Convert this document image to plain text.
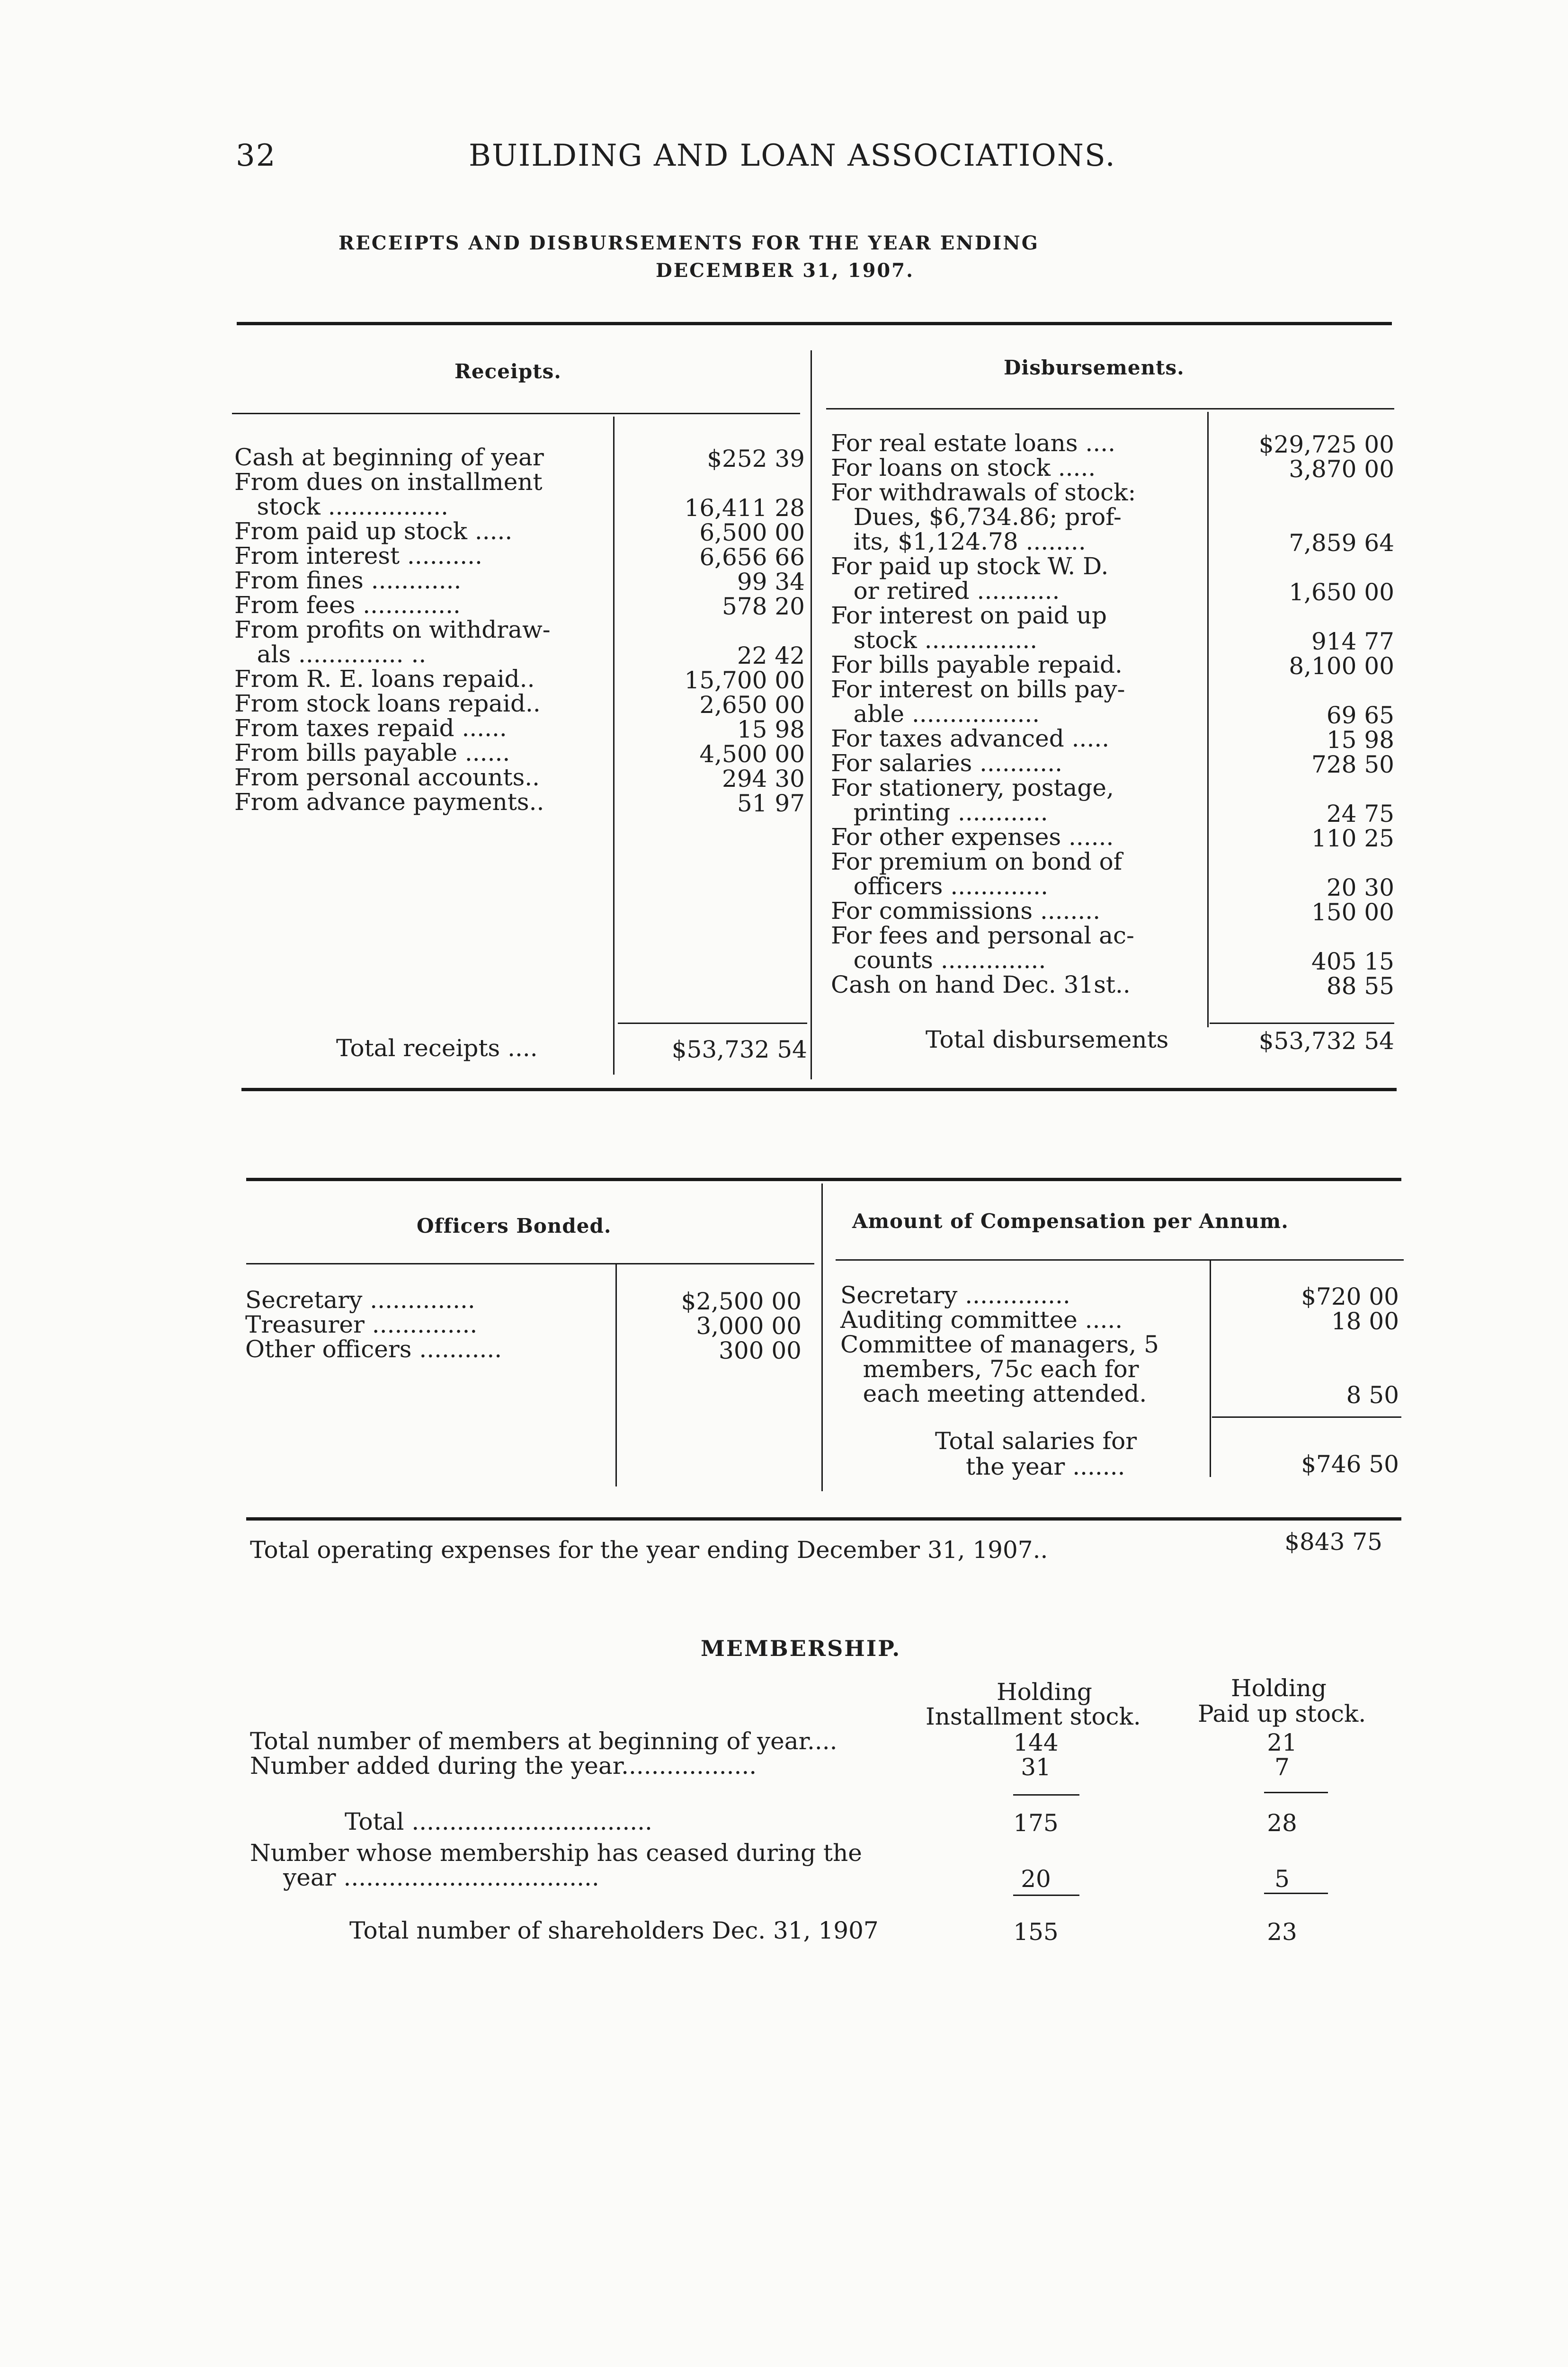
32	BUILDING AND LOAN ASSOCIATIONS.
RECEIPTS AND DISBURSEMENTS FOR THE YEAR ENDING
DECEMBER 31, 1907.
Receipts.	Disbursements.
Cash at beginning of year	$252 39
From dues on installment
stock ................	16,411 28
From paid up stock .....	6,500 00
From interest ..........	6,656 66
From fines ............	99 34
From fees .............	578 20
From profits on withdraw-
als .............. ..	22 42
From R. E. loans repaid..	15,700 00
From stock loans repaid..	2,650 00
From taxes repaid ......	15 98
From bills payable ......	4,500 00
From personal accounts..	294 30
From advance payments..	51 97
For real estate loans ....	$29,725 00
For loans on stock .....	3,870 00
For withdrawals of stock:
Dues, $6,734.86; prof-
its, $1,124.78 ........	7,859 64
For paid up stock W. D.
or retired ...........	1,650 00
For interest on paid up
stock ...............	914 77
For bills payable repaid.	8,100 00
For interest on bills pay-
able .................	69 65
For taxes advanced .....	15 98
For salaries ...........	728 50
For stationery, postage,
printing ............	24 75
For other expenses ......	110 25
For premium on bond of
officers .............	20 30
For commissions ........	150 00
For fees and personal ac-
counts ..............	405 15
Cash on hand Dec. 31st..	88 55
Total receipts ....	$53,732 54	Total disbursements	$53,732 54
Officers Bonded.	Amount of Compensation per Annum.
Secretary ..............	$2,500 00
Treasurer ..............	3,000 00
Other officers ...........	300 00
Secretary ..............	$720 00
Auditing committee .....	18 00
Committee of managers, 5
members, 75c each for
each meeting attended.	8 50
Total salaries for
the year .......	$746 50
Total operating expenses for the year ending December 31, 1907..	$843 75
MEMBERSHIP.
Holding
Installment stock.
Holding
Paid up stock.
Total number of members at beginning of year....	144	21
Number added during the year..................	31	7
Total ................................	175	28
Number whose membership has ceased during the
year ..................................	20	5
Total number of shareholders Dec. 31, 1907	155	23
